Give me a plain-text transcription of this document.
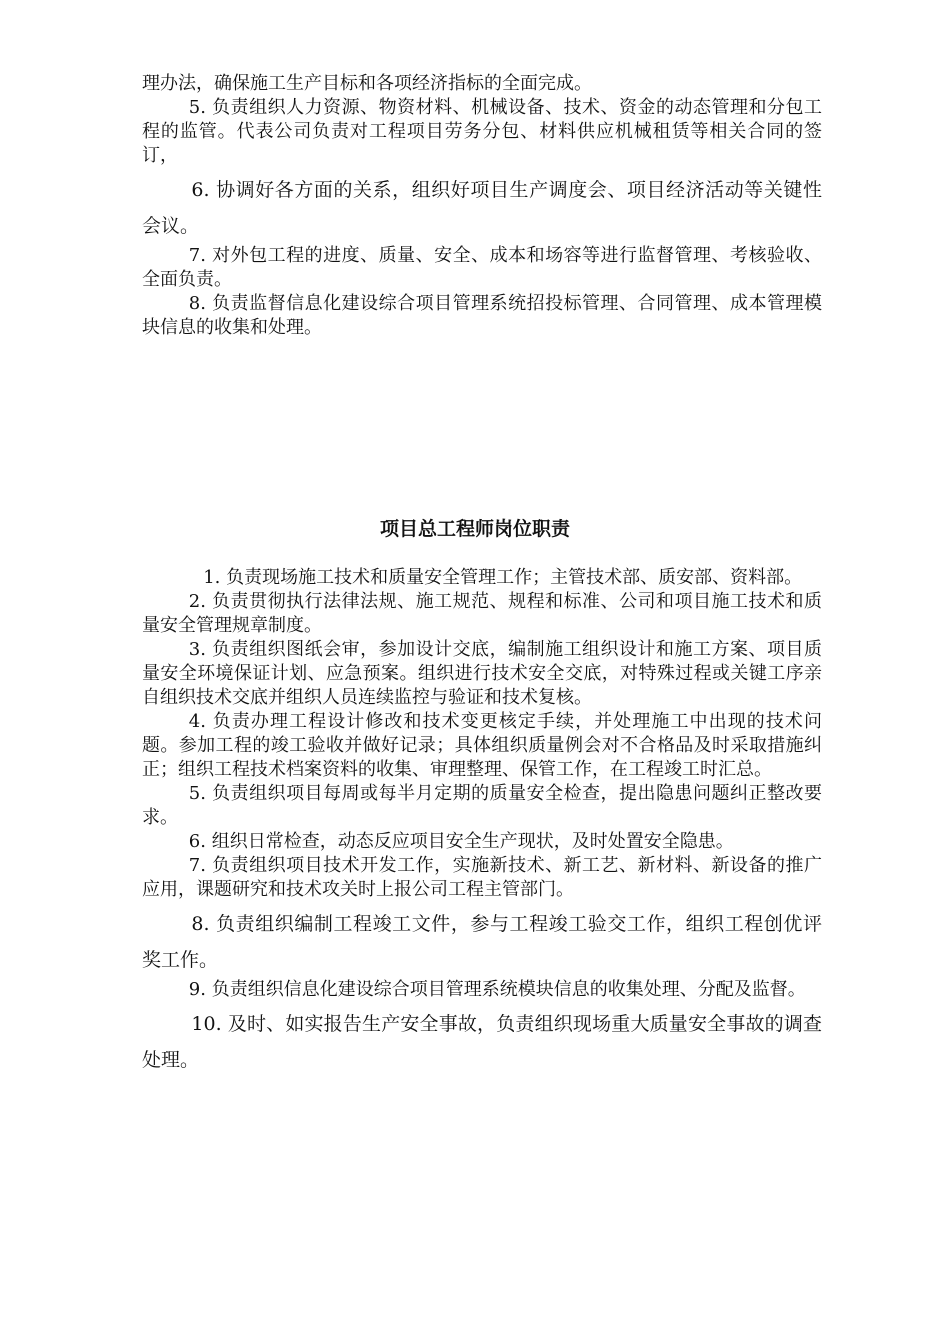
理办法，确保施工生产目标和各项经济指标的全面完成。

5. 负责组织人力资源、物资材料、机械设备、技术、资金的动态管理和分包工程的监管。代表公司负责对工程项目劳务分包、材料供应机械租赁等相关合同的签订，

6. 协调好各方面的关系，组织好项目生产调度会、项目经济活动等关键性会议。

7. 对外包工程的进度、质量、安全、成本和场容等进行监督管理、考核验收、全面负责。

8. 负责监督信息化建设综合项目管理系统招投标管理、合同管理、成本管理模块信息的收集和处理。

项目总工程师岗位职责

1. 负责现场施工技术和质量安全管理工作；主管技术部、质安部、资料部。

2. 负责贯彻执行法律法规、施工规范、规程和标准、公司和项目施工技术和质量安全管理规章制度。

3. 负责组织图纸会审，参加设计交底，编制施工组织设计和施工方案、项目质量安全环境保证计划、应急预案。组织进行技术安全交底，对特殊过程或关键工序亲自组织技术交底并组织人员连续监控与验证和技术复核。

4. 负责办理工程设计修改和技术变更核定手续，并处理施工中出现的技术问题。参加工程的竣工验收并做好记录；具体组织质量例会对不合格品及时采取措施纠正；组织工程技术档案资料的收集、审理整理、保管工作，在工程竣工时汇总。

5. 负责组织项目每周或每半月定期的质量安全检查，提出隐患问题纠正整改要求。

6. 组织日常检查，动态反应项目安全生产现状，及时处置安全隐患。

7. 负责组织项目技术开发工作，实施新技术、新工艺、新材料、新设备的推广应用，课题研究和技术攻关时上报公司工程主管部门。

8. 负责组织编制工程竣工文件，参与工程竣工验交工作，组织工程创优评奖工作。

9. 负责组织信息化建设综合项目管理系统模块信息的收集处理、分配及监督。

10. 及时、如实报告生产安全事故，负责组织现场重大质量安全事故的调查处理。
